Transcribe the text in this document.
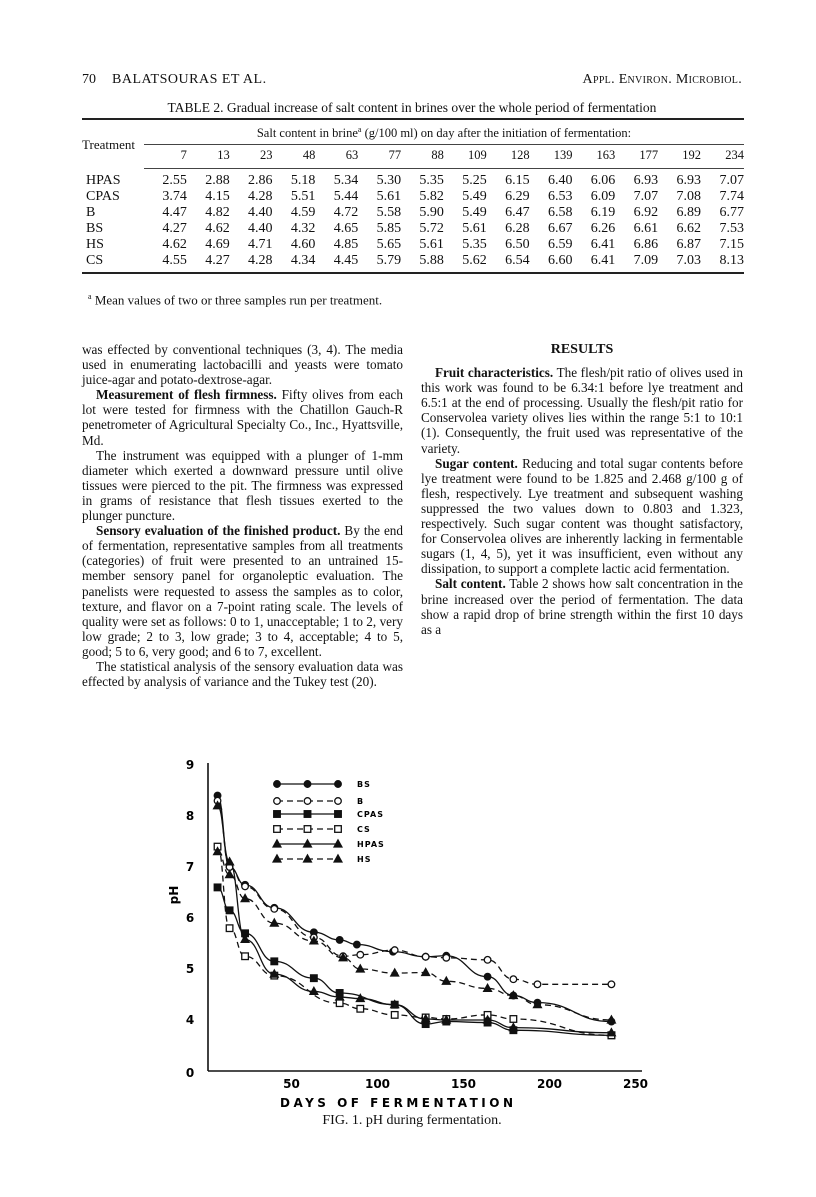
70 BALATSOURAS ET AL.	Appl. Environ. Microbiol.
TABLE 2. Gradual increase of salt content in brines over the whole period of fermentation
Treatment	Salt content in brine$^a$ (g/100 ml) on day after the initiation of fermentation:													
	7	13	23	48	63	77	88	109	128	139	163	177	192	234
HPAS	2.55	2.88	2.86	5.18	5.34	5.30	5.35	5.25	6.15	6.40	6.06	6.93	6.93	7.07
CPAS	3.74	4.15	4.28	5.51	5.44	5.61	5.82	5.49	6.29	6.53	6.09	7.07	7.08	7.74
B	4.47	4.82	4.40	4.59	4.72	5.58	5.90	5.49	6.47	6.58	6.19	6.92	6.89	6.77
BS	4.27	4.62	4.40	4.32	4.65	5.85	5.72	5.61	6.28	6.67	6.26	6.61	6.62	7.53
HS	4.62	4.69	4.71	4.60	4.85	5.65	5.61	5.35	6.50	6.59	6.41	6.86	6.87	7.15
CS	4.55	4.27	4.28	4.34	4.45	5.79	5.88	5.62	6.54	6.60	6.41	7.09	7.03	8.13
$^a$ Mean values of two or three samples run per treatment.

was effected by conventional techniques (3, 4). The media used in enumerating lactobacilli and yeasts were tomato juice-agar and potato-dextrose-agar.

Measurement of flesh firmness. Fifty olives from each lot were tested for firmness with the Chatillon Gauch-R penetrometer of Agricultural Specialty Co., Inc., Hyattsville, Md.

The instrument was equipped with a plunger of 1-mm diameter which exerted a downward pressure until olive tissues were pierced to the pit. The firmness was expressed in grams of resistance that flesh tissues exerted to the plunger puncture.

Sensory evaluation of the finished product. By the end of fermentation, representative samples from all treatments (categories) of fruit were presented to an untrained 15-member sensory panel for organoleptic evaluation. The panelists were requested to assess the samples as to color, texture, and flavor on a 7-point rating scale. The levels of quality were set as follows: 0 to 1, unacceptable; 1 to 2, very low grade; 2 to 3, low grade; 3 to 4, acceptable; 4 to 5, good; 5 to 6, very good; and 6 to 7, excellent.

The statistical analysis of the sensory evaluation data was effected by analysis of variance and the Tukey test (20).

RESULTS

Fruit characteristics. The flesh/pit ratio of olives used in this work was found to be 6.34:1 before lye treatment and 6.5:1 at the end of processing. Usually the flesh/pit ratio for Conservolea variety olives lies within the range 5:1 to 10:1 (1). Consequently, the fruit used was representative of the variety.

Sugar content. Reducing and total sugar contents before lye treatment were found to be 1.825 and 2.468 g/100 g of flesh, respectively. Lye treatment and subsequent washing suppressed the two values down to 0.803 and 1.323, respectively. Such sugar content was thought satisfactory, for Conservolea olives are inherently lacking in fermentable sugars (1, 4, 5), yet it was insufficient, even without any dissipation, to support a complete lactic acid fermentation.

Salt content. Table 2 shows how salt concentration in the brine increased over the period of fermentation. The data show a rapid drop of brine strength within the first 10 days as a

0
4
5
6
7
8
9
50	100	150	200	250
DAYS OF FERMENTATION
pH
BS
B
CPAS
CS
HPAS
HS
FIG. 1. pH during fermentation.
